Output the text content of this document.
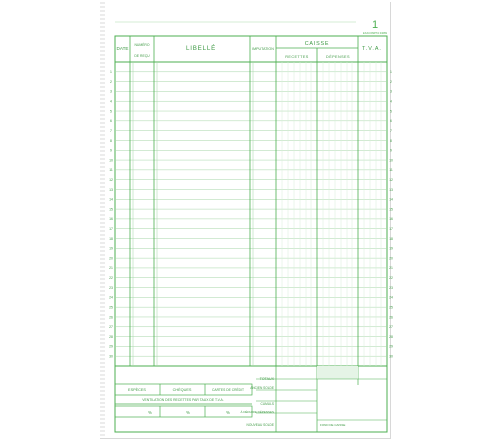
1
EXACOMPTA 04089
DATE
NUMÉRO
DE REÇU
LIBELLÉ	IMPUTATION
CAISSE
RECETTES	DÉPENSES
T.V.A.
1	1
2	2
3	3
4	4
5	5
6	6
7	7
8	8
9	9
10	10
11	11
12	12
13	13
14	14
15	15
16	16
17	17
18	18
19	19
20	20
21	21
22	22
23	23
24	24
25	25
26	26
27	27
28	28
29	29
30	30
ESPÈCES	CHÈQUES	CARTES DE CRÉDIT
VENTILATION DES RECETTES PAR TAUX DE T.V.A.
%	%	%
TOTAUX
ANCIEN SOLDE
CUMULS
À DÉDUIRE DÉPENSES
NOUVEAU SOLDE	FOND DE CAISSE
